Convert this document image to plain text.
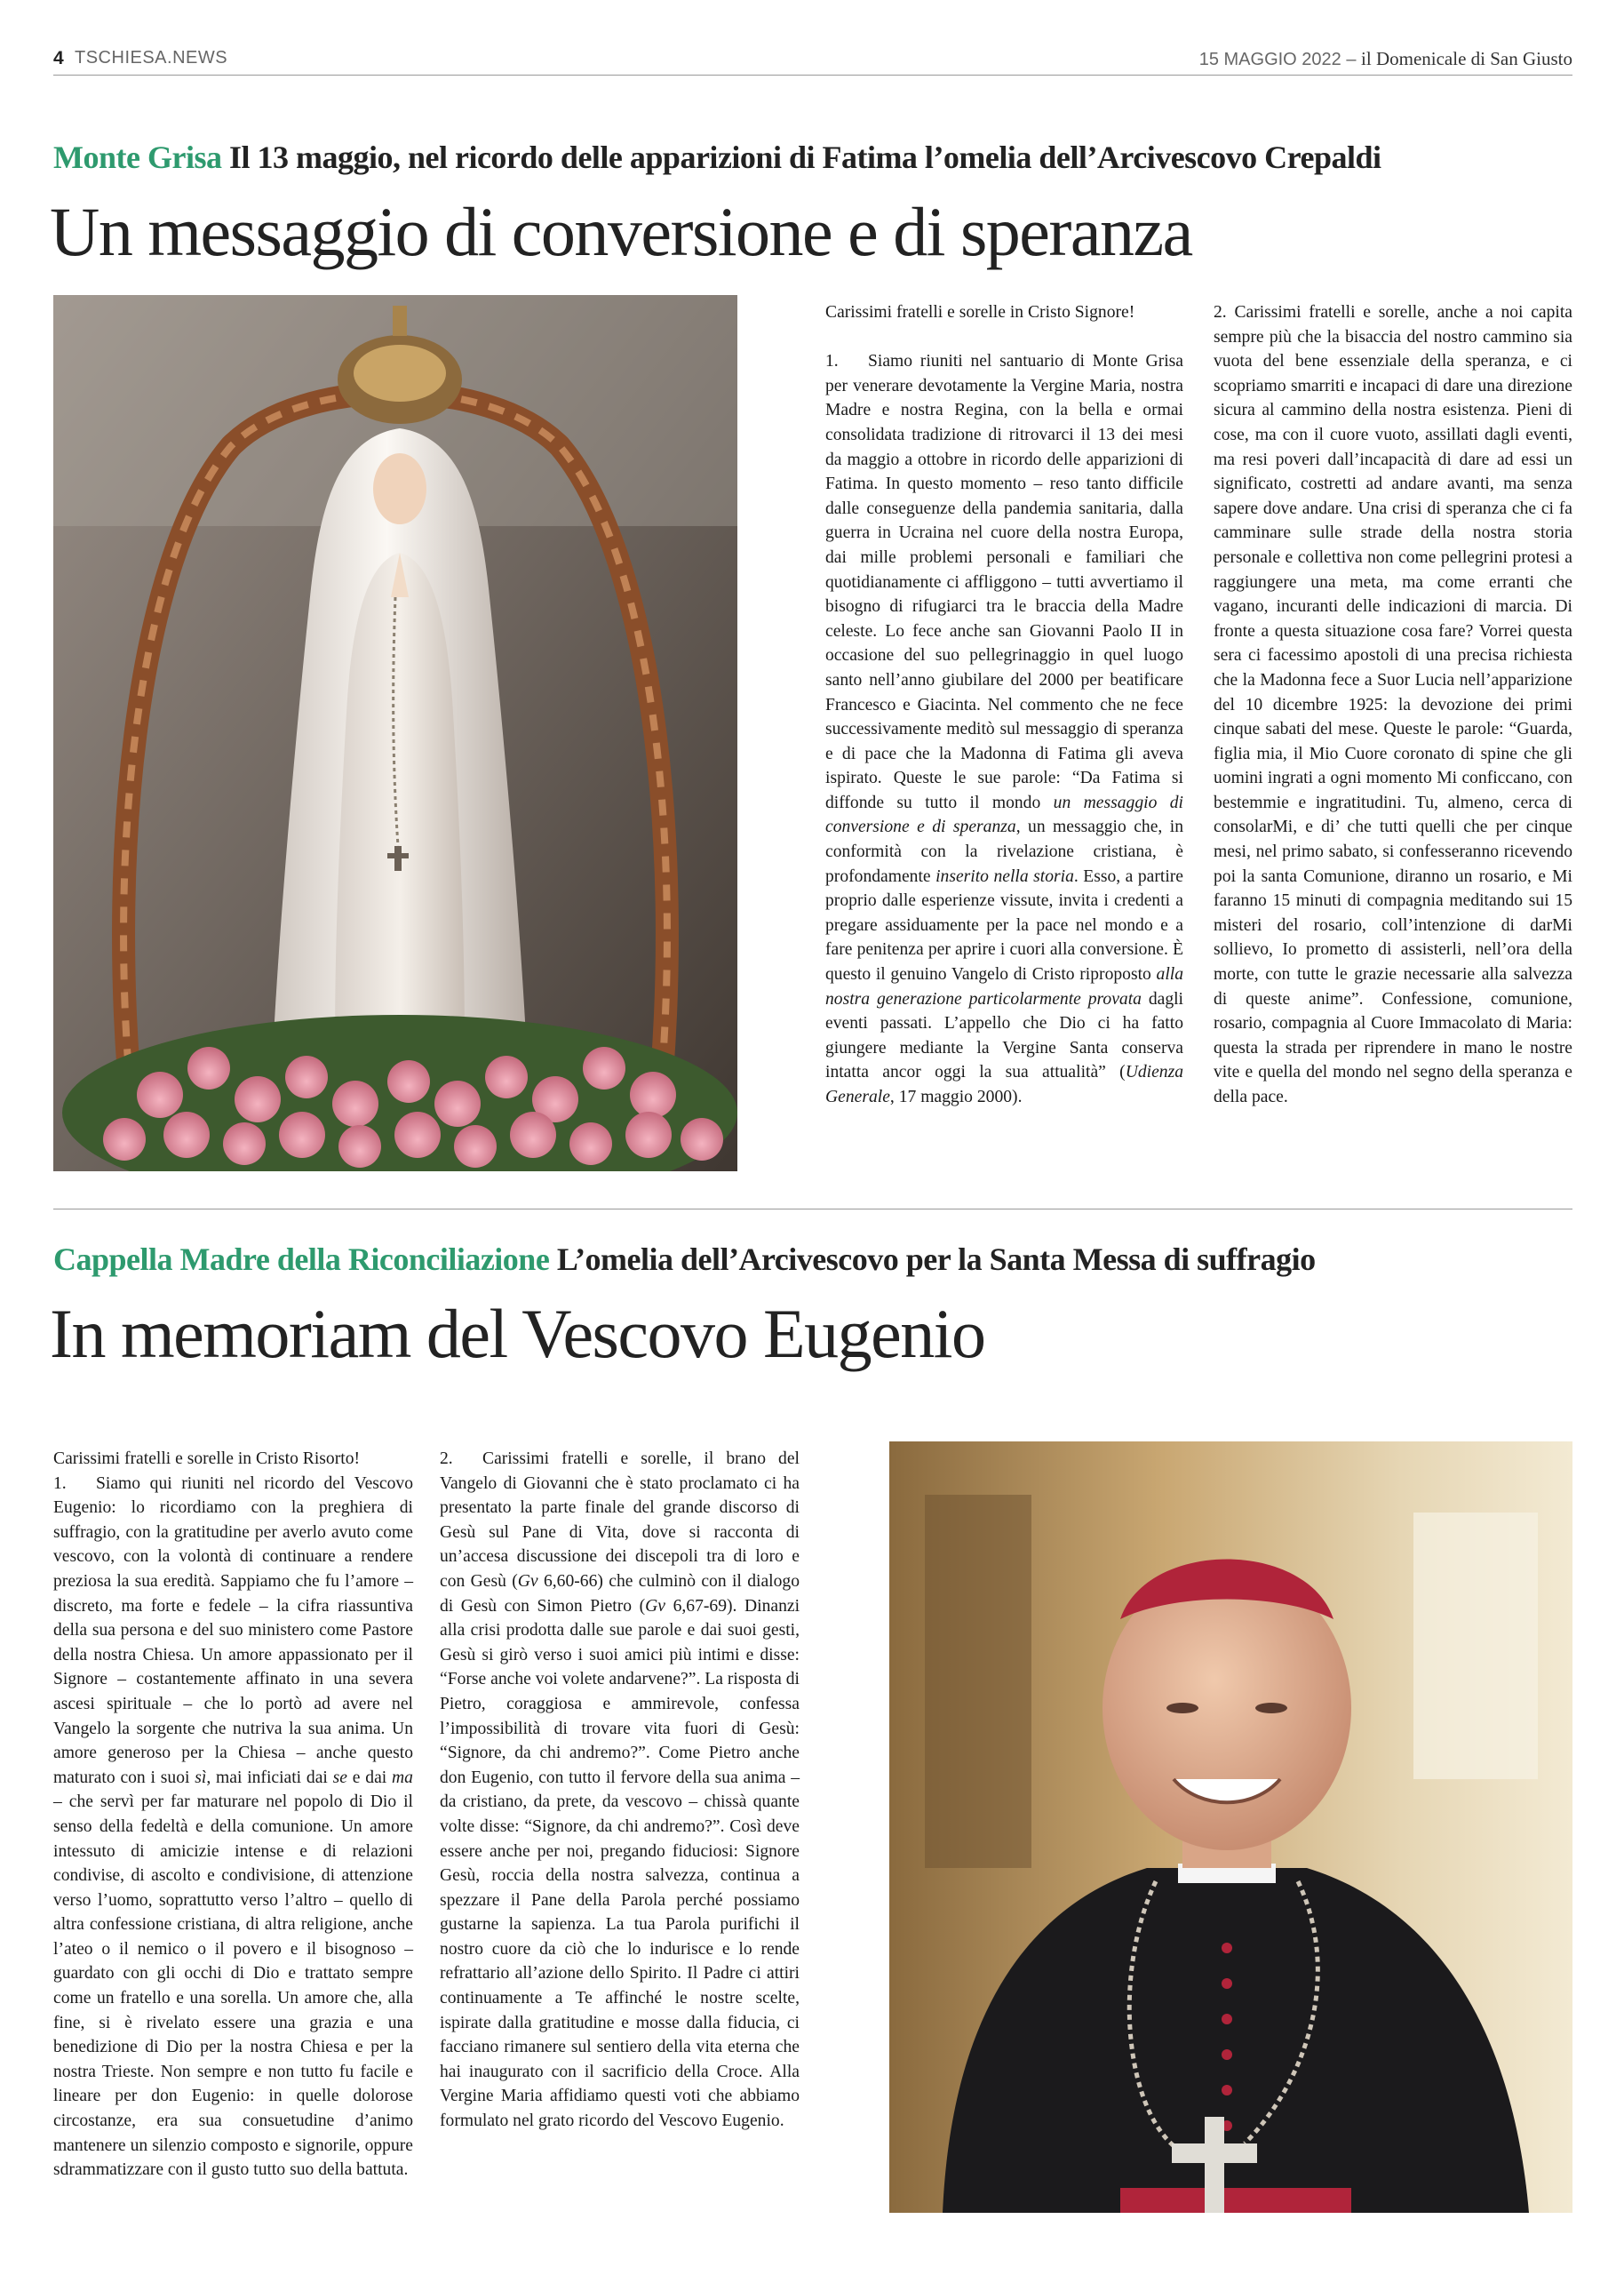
4 TSCHIESA.NEWS	15 MAGGIO 2022 – il Domenicale di San Giusto
Monte Grisa Il 13 maggio, nel ricordo delle apparizioni di Fatima l’omelia dell’Arcivescovo Crepaldi
Un messaggio di conversione e di speranza

Carissimi fratelli e sorelle in Cristo Signore!

1. Siamo riuniti nel santuario di Monte Grisa per venerare devotamente la Vergine Maria, nostra Madre e nostra Regina, con la bella e ormai consolidata tradizione di ritrovarci il 13 dei mesi da maggio a ottobre in ricordo delle apparizioni di Fatima. In questo momento – reso tanto difficile dalle conseguenze della pandemia sanitaria, dalla guerra in Ucraina nel cuore della nostra Europa, dai mille problemi personali e familiari che quotidianamente ci affliggono – tutti avvertiamo il bisogno di rifugiarci tra le braccia della Madre celeste. Lo fece anche san Giovanni Paolo II in occasione del suo pellegrinaggio in quel luogo santo nell’anno giubilare del 2000 per beatificare Francesco e Giacinta. Nel commento che ne fece successivamente meditò sul messaggio di speranza e di pace che la Madonna di Fatima gli aveva ispirato. Queste le sue parole: “Da Fatima si diffonde su tutto il mondo un messaggio di conversione e di speranza, un messaggio che, in conformità con la rivelazione cristiana, è profondamente inserito nella storia. Esso, a partire proprio dalle esperienze vissute, invita i credenti a pregare assiduamente per la pace nel mondo e a fare penitenza per aprire i cuori alla conversione. È questo il genuino Vangelo di Cristo riproposto alla nostra generazione particolarmente provata dagli eventi passati. L’appello che Dio ci ha fatto giungere mediante la Vergine Santa conserva intatta ancor oggi la sua attualità” (Udienza Generale, 17 maggio 2000).

2. Carissimi fratelli e sorelle, anche a noi capita sempre più che la bisaccia del nostro cammino sia vuota del bene essenziale della speranza, e ci scopriamo smarriti e incapaci di dare una direzione sicura al cammino della nostra esistenza. Pieni di cose, ma con il cuore vuoto, assillati dagli eventi, ma resi poveri dall’incapacità di dare ad essi un significato, costretti ad andare avanti, ma senza sapere dove andare. Una crisi di speranza che ci fa camminare sulle strade della nostra storia personale e collettiva non come pellegrini protesi a raggiungere una meta, ma come erranti che vagano, incuranti delle indicazioni di marcia. Di fronte a questa situazione cosa fare? Vorrei questa sera ci facessimo apostoli di una precisa richiesta che la Madonna fece a Suor Lucia nell’apparizione del 10 dicembre 1925: la devozione dei primi cinque sabati del mese. Queste le parole: “Guarda, figlia mia, il Mio Cuore coronato di spine che gli uomini ingrati a ogni momento Mi conficcano, con bestemmie e ingratitudini. Tu, almeno, cerca di consolarMi, e di’ che tutti quelli che per cinque mesi, nel primo sabato, si confesseranno ricevendo poi la santa Comunione, diranno un rosario, e Mi faranno 15 minuti di compagnia meditando sui 15 misteri del rosario, coll’intenzione di darMi sollievo, Io prometto di assisterli, nell’ora della morte, con tutte le grazie necessarie alla salvezza di queste anime”. Confessione, comunione, rosario, compagnia al Cuore Immacolato di Maria: questa la strada per riprendere in mano le nostre vite e quella del mondo nel segno della speranza e della pace.

Cappella Madre della Riconciliazione L’omelia dell’Arcivescovo per la Santa Messa di suffragio
In memoriam del Vescovo Eugenio

Carissimi fratelli e sorelle in Cristo Risorto!

1. Siamo qui riuniti nel ricordo del Vescovo Eugenio: lo ricordiamo con la preghiera di suffragio, con la gratitudine per averlo avuto come vescovo, con la volontà di continuare a rendere preziosa la sua eredità. Sappiamo che fu l’amore – discreto, ma forte e fedele – la cifra riassuntiva della sua persona e del suo ministero come Pastore della nostra Chiesa. Un amore appassionato per il Signore – costantemente affinato in una severa ascesi spirituale – che lo portò ad avere nel Vangelo la sorgente che nutriva la sua anima. Un amore generoso per la Chiesa – anche questo maturato con i suoi sì, mai inficiati dai se e dai ma – che servì per far maturare nel popolo di Dio il senso della fedeltà e della comunione. Un amore intessuto di amicizie intense e di relazioni condivise, di ascolto e condivisione, di attenzione verso l’uomo, soprattutto verso l’altro – quello di altra confessione cristiana, di altra religione, anche l’ateo o il nemico o il povero e il bisognoso – guardato con gli occhi di Dio e trattato sempre come un fratello e una sorella. Un amore che, alla fine, si è rivelato essere una grazia e una benedizione di Dio per la nostra Chiesa e per la nostra Trieste. Non sempre e non tutto fu facile e lineare per don Eugenio: in quelle dolorose circostanze, era sua consuetudine d’animo mantenere un silenzio composto e signorile, oppure sdrammatizzare con il gusto tutto suo della battuta.

2. Carissimi fratelli e sorelle, il brano del Vangelo di Giovanni che è stato proclamato ci ha presentato la parte finale del grande discorso di Gesù sul Pane di Vita, dove si racconta di un’accesa discussione dei discepoli tra di loro e con Gesù (Gv 6,60-66) che culminò con il dialogo di Gesù con Simon Pietro (Gv 6,67-69). Dinanzi alla crisi prodotta dalle sue parole e dai suoi gesti, Gesù si girò verso i suoi amici più intimi e disse: “Forse anche voi volete andarvene?”. La risposta di Pietro, coraggiosa e ammirevole, confessa l’impossibilità di trovare vita fuori di Gesù: “Signore, da chi andremo?”. Come Pietro anche don Eugenio, con tutto il fervore della sua anima – da cristiano, da prete, da vescovo – chissà quante volte disse: “Signore, da chi andremo?”. Così deve essere anche per noi, pregando fiduciosi: Signore Gesù, roccia della nostra salvezza, continua a spezzare il Pane della Parola perché possiamo gustarne la sapienza. La tua Parola purifichi il nostro cuore da ciò che lo indurisce e lo rende refrattario all’azione dello Spirito. Il Padre ci attiri continuamente a Te affinché le nostre scelte, ispirate dalla gratitudine e mosse dalla fiducia, ci facciano rimanere sul sentiero della vita eterna che hai inaugurato con il sacrificio della Croce. Alla Vergine Maria affidiamo questi voti che abbiamo formulato nel grato ricordo del Vescovo Eugenio.
